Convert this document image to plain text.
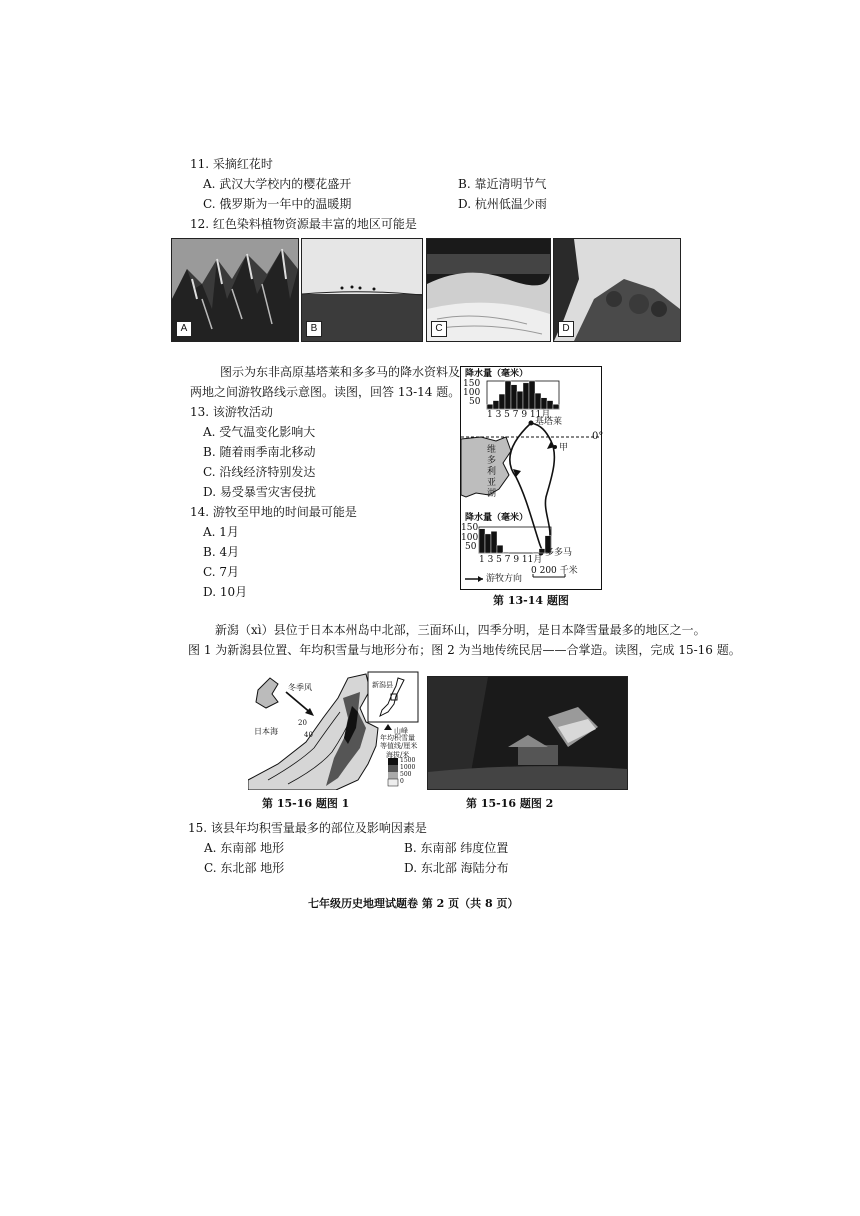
11. 采摘红花时
A. 武汉大学校内的樱花盛开	B. 靠近清明节气
C. 俄罗斯为一年中的温暖期	D. 杭州低温少雨
12. 红色染料植物资源最丰富的地区可能是
A	B	C	D
图示为东非高原基塔莱和多多马的降水资料及
两地之间游牧路线示意图。读图，回答 13-14 题。
13. 该游牧活动
A. 受气温变化影响大
B. 随着雨季南北移动
C. 沿线经济特别发达
D. 易受暴雪灾害侵扰
14. 游牧至甲地的时间最可能是
A. 1月
B. 4月
C. 7月
D. 10月
降水量（毫米）
150
100
50
1 3 5 7 9 11月
基塔莱
0°
甲
维
多
利
亚
湖
降水量（毫米）
150
100
50
1 3 5 7 9 11月
多多马
游牧方向
0 200 千米
第 13-14 题图
新潟（xì）县位于日本本州岛中北部，三面环山，四季分明，是日本降雪量最多的地区之一。
图 1 为新潟县位置、年均积雪量与地形分布；图 2 为当地传统民居——合掌造。读图，完成 15-16 题。
冬季风
日本海
新潟县
20
40	山峰
年均积雪量
等值线/厘米
海拔/米
1500
1000
500
0
第 15-16 题图 1	第 15-16 题图 2
15. 该县年均积雪量最多的部位及影响因素是
A. 东南部 地形	B. 东南部 纬度位置
C. 东北部 地形	D. 东北部 海陆分布
七年级历史地理试题卷 第 2 页（共 8 页）
